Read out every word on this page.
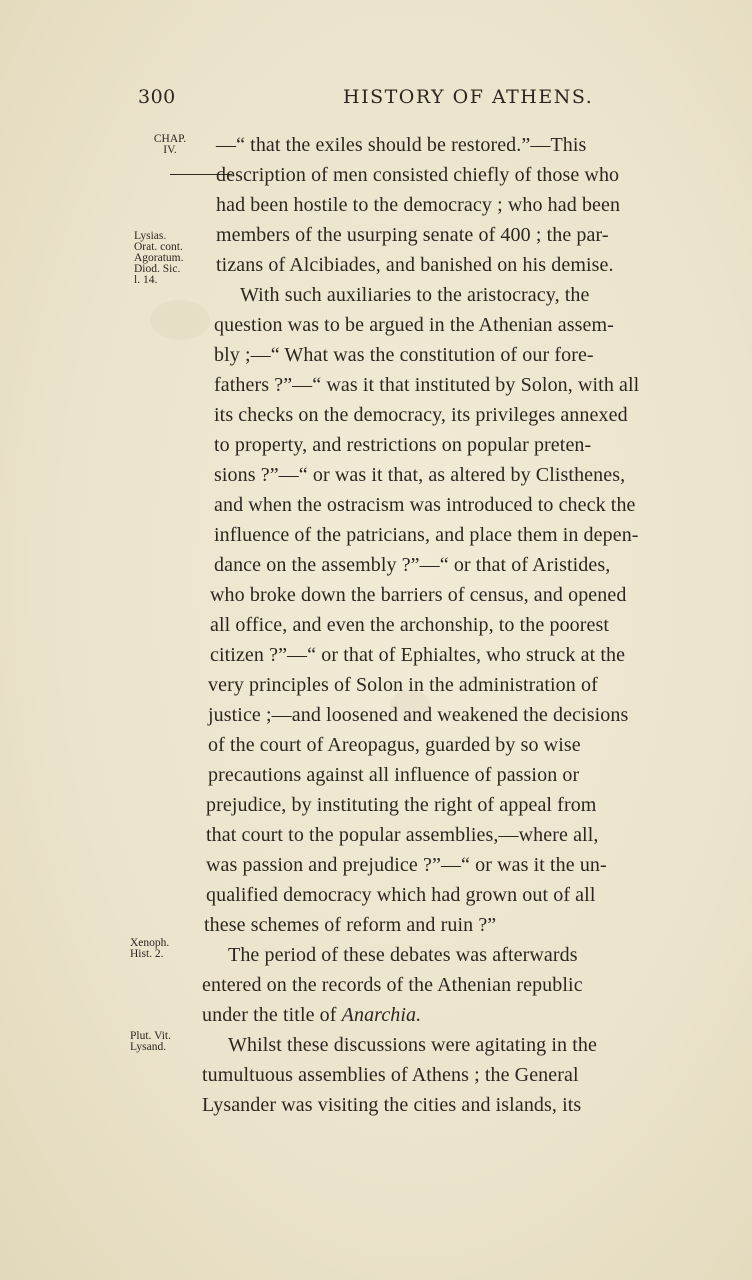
300	HISTORY OF ATHENS.
CHAP.
IV.
Lysias.
Orat. cont.
Agoratum.
Diod. Sic.
l. 14.
Xenoph.
Hist. 2.
Plut. Vit.
Lysand.
—“ that the exiles should be restored.”—This
description of men consisted chiefly of those who
had been hostile to the democracy ; who had been
members of the usurping senate of 400 ; the par-
tizans of Alcibiades, and banished on his demise.
With such auxiliaries to the aristocracy, the
question was to be argued in the Athenian assem-
bly ;—“ What was the constitution of our fore-
fathers ?”—“ was it that instituted by Solon, with all
its checks on the democracy, its privileges annexed
to property, and restrictions on popular preten-
sions ?”—“ or was it that, as altered by Clisthenes,
and when the ostracism was introduced to check the
influence of the patricians, and place them in depen-
dance on the assembly ?”—“ or that of Aristides,
who broke down the barriers of census, and opened
all office, and even the archonship, to the poorest
citizen ?”—“ or that of Ephialtes, who struck at the
very principles of Solon in the administration of
justice ;—and loosened and weakened the decisions
of the court of Areopagus, guarded by so wise
precautions against all influence of passion or
prejudice, by instituting the right of appeal from
that court to the popular assemblies,—where all,
was passion and prejudice ?”—“ or was it the un-
qualified democracy which had grown out of all
these schemes of reform and ruin ?”
The period of these debates was afterwards
entered on the records of the Athenian republic
under the title of Anarchia.
Whilst these discussions were agitating in the
tumultuous assemblies of Athens ; the General
Lysander was visiting the cities and islands, its
